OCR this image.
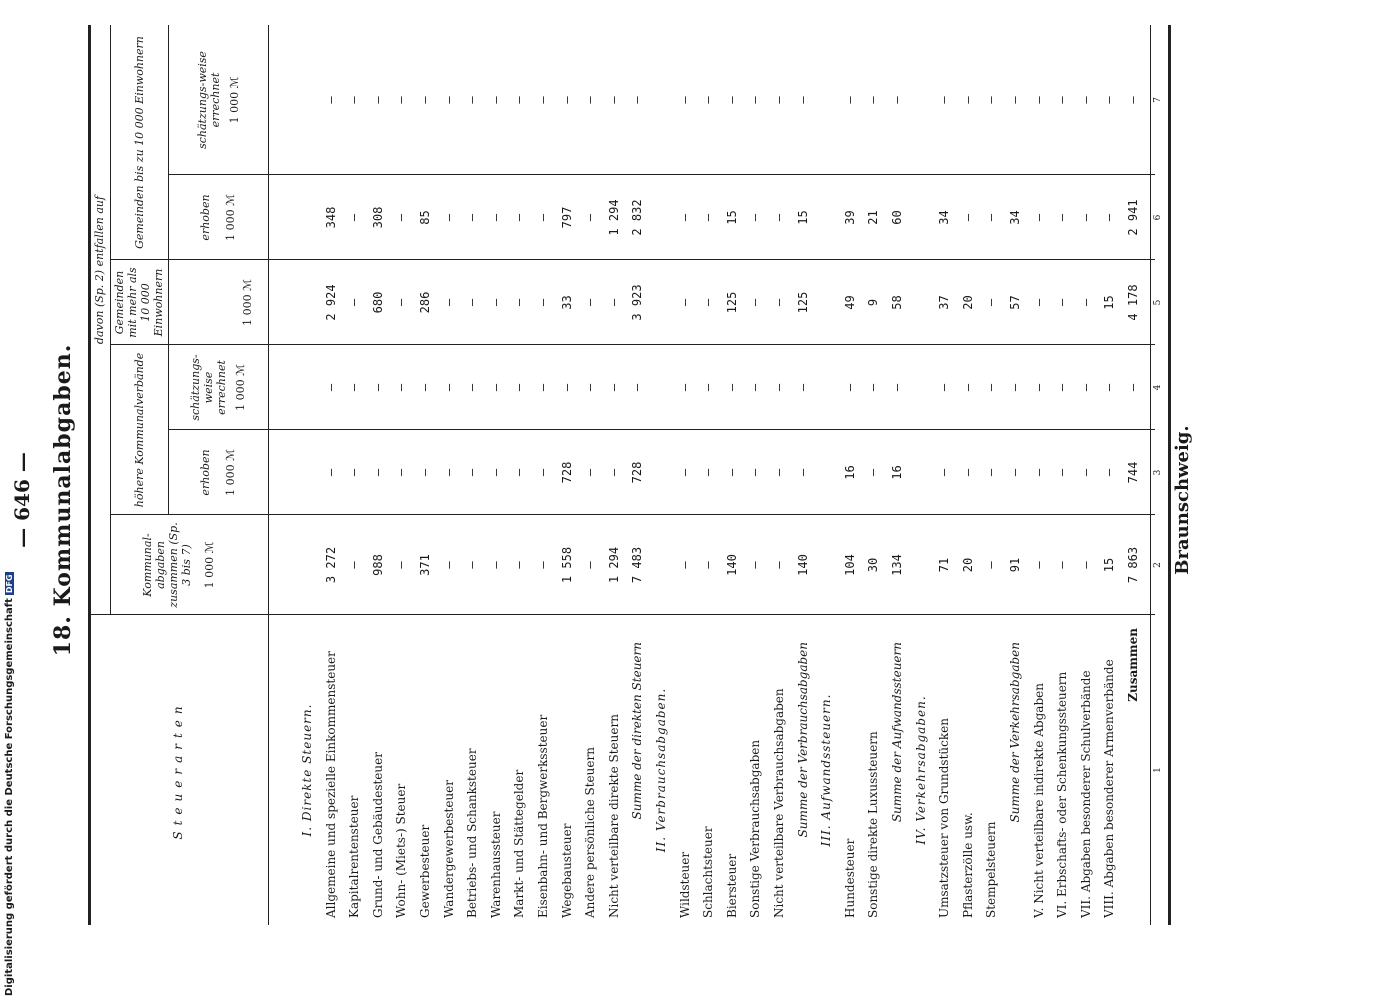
— 646 — 18. Kommunalabgaben.
Steuerarten
Kommunal-abgaben zusammen (Sp. 3 bis 7) 1 000 ℳ
davon (Sp. 2) entfallen auf
höhere Kommunalverbände
Gemeinden mit mehr als 10 000 Einwohnern
Gemeinden bis zu 10 000 Einwohnern
erhoben 1 000 ℳ
schätzungs-weise errechnet 1 000 ℳ
1 000 ℳ
erhoben 1 000 ℳ
schätzungs-weise errechnet 1 000 ℳ
1
2
3
4
5
6
7
Braunschweig.
I. Direkte Steuern. Allgemeine und spezielle Einkommensteuer
3 272
—
—
2 924
348
—
Kapitalrentensteuer
—
—
—
—
—
—
Grund- und Gebäudesteuer
988
—
—
680
308
—
Wohn- (Miets-) Steuer
—
—
—
—
—
—
Gewerbesteuer
371
—
—
286
85
—
Wandergewerbesteuer
—
—
—
—
—
—
Betriebs- und Schanksteuer
—
—
—
—
—
—
Warenhaussteuer
—
—
—
—
—
—
Markt- und Stättegelder
—
—
—
—
—
—
Eisenbahn- und Bergwerkssteuer
—
—
—
—
—
—
Wegebausteuer
1 558
728
—
33
797
—
Andere persönliche Steuern
—
—
—
—
—
—
Nicht verteilbare direkte Steuern
1 294
—
—
—
1 294
—
Summe der direkten Steuern
7 483
728
—
3 923
2 832
—
II. Verbrauchsabgaben.
Wildsteuer
—
—
—
—
—
—
Schlachtsteuer
—
—
—
—
—
—
Biersteuer
140
—
—
125
15
—
Sonstige Verbrauchsabgaben
—
—
—
—
—
—
Nicht verteilbare Verbrauchsabgaben
—
—
—
—
—
—
Summe der Verbrauchsabgaben
140
—
—
125
15
—
III. Aufwandssteuern.
Hundesteuer
104
16
—
49
39
—
Sonstige direkte Luxussteuern
30
—
—
9
21
—
Summe der Aufwandssteuern
134
16
—
58
60
—
IV. Verkehrsabgaben. Umsatzsteuer von Grundstücken
71
—
—
37
34
—
Pflasterzölle usw.
20
—
—
20
—
—
Stempelsteuern
—
—
—
—
—
—
Summe der Verkehrsabgaben
91
—
—
57
34
—
V. Nicht verteilbare indirekte Abgaben
—
—
—
—
—
—
VI. Erbschafts- oder Schenkungssteuern
—
—
—
—
—
—
VII. Abgaben besonderer Schulverbände
—
—
—
—
—
—
VIII. Abgaben besonderer Armenverbände
15
—
—
15
—
—
Zusammen
7 863
744
—
4 178
2 941
—
Digitalisierung gefördert durch die Deutsche ForschungsgemeinschaftDFG
